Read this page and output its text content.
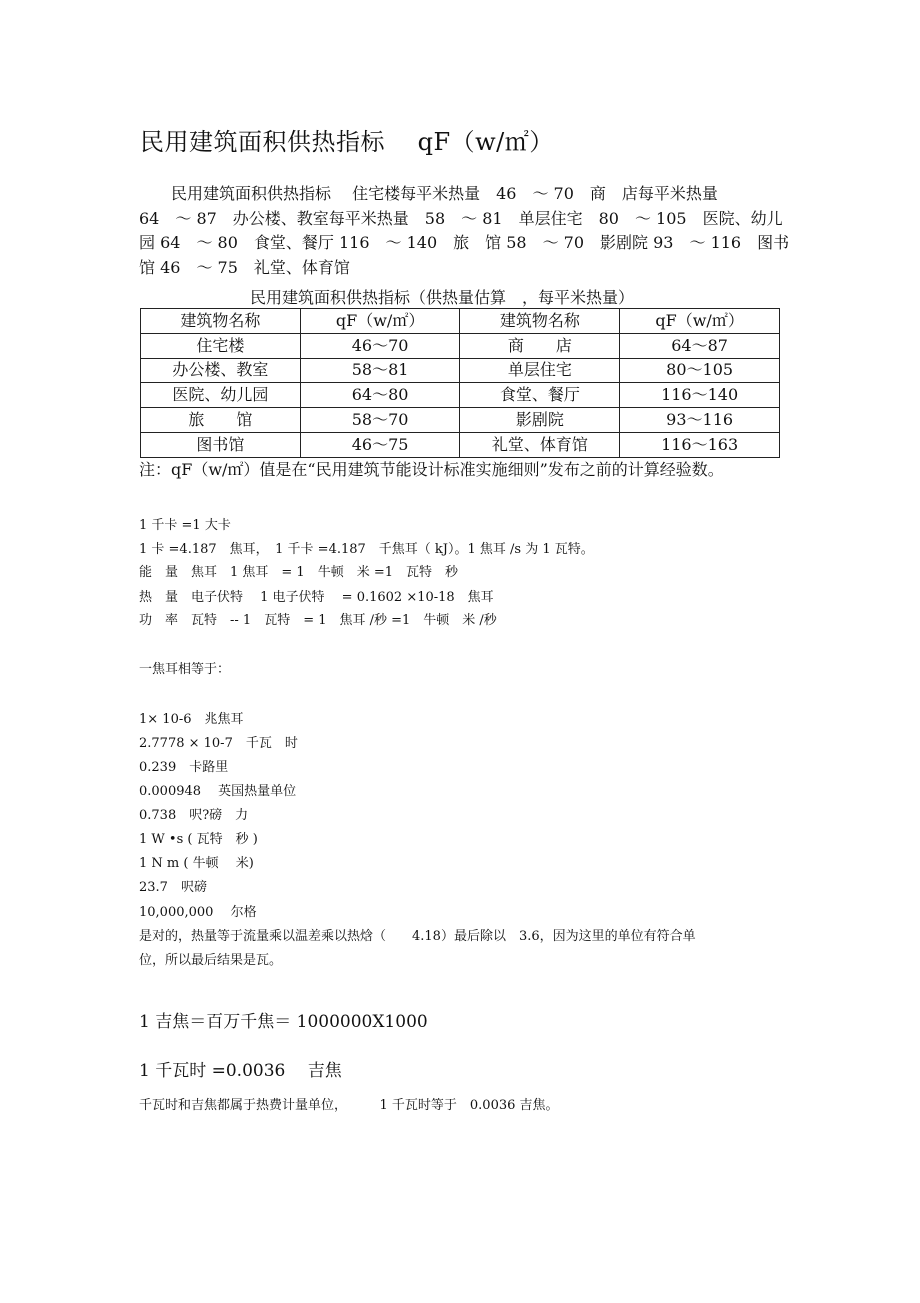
民用建筑面积供热指标　 qF（w/㎡）
　　民用建筑面积供热指标　 住宅楼每平米热量　46　～ 70　商　店每平米热量
64　～ 87　办公楼、教室每平米热量　58　～ 81　单层住宅　80　～ 105　医院、幼儿
园 64　～ 80　食堂、餐厅 116　～ 140　旅　馆 58　～ 70　影剧院 93　～ 116　图书
馆 46　～ 75　礼堂、体育馆
民用建筑面积供热指标（供热量估算　，每平米热量）
建筑物名称	qF（w/㎡）	建筑物名称	qF（w/㎡）
住宅楼	46～70	商　　店	64～87
办公楼、教室	58～81	单层住宅	80～105
医院、幼儿园	64～80	食堂、餐厅	116～140
旅　　馆	58～70	影剧院	93～116
图书馆	46～75	礼堂、体育馆	116～163
注：qF（w/㎡）值是在“民用建筑节能设计标准实施细则”发布之前的计算经验数。
1 千卡 =1 大卡
1 卡 =4.187　焦耳，　1 千卡 =4.187　千焦耳（ kJ）。1 焦耳 /s 为 1 瓦特。
能　量　焦耳　1 焦耳　= 1　牛顿　米 =1　瓦特　秒
热　量　电子伏特　 1 电子伏特　 = 0.1602 ×10-18　焦耳
功　率　瓦特　-- 1　瓦特　= 1　焦耳 /秒 =1　牛顿　米 /秒
一焦耳相等于：
1× 10-6　兆焦耳
2.7778 × 10-7　千瓦　时
0.239　卡路里
0.000948　 英国热量单位
0.738　呎?磅　力
1 W •s ( 瓦特　秒 )
1 N m ( 牛顿　 米)
23.7　呎磅
10,000,000　 尔格
是对的，热量等于流量乘以温差乘以热焓（　　4.18）最后除以　3.6，因为这里的单位有符合单
位，所以最后结果是瓦。
1 吉焦＝百万千焦＝ 1000000X1000
1 千瓦时 =0.0036　 吉焦
千瓦时和吉焦都属于热费计量单位，　　　1 千瓦时等于　0.0036 吉焦。
